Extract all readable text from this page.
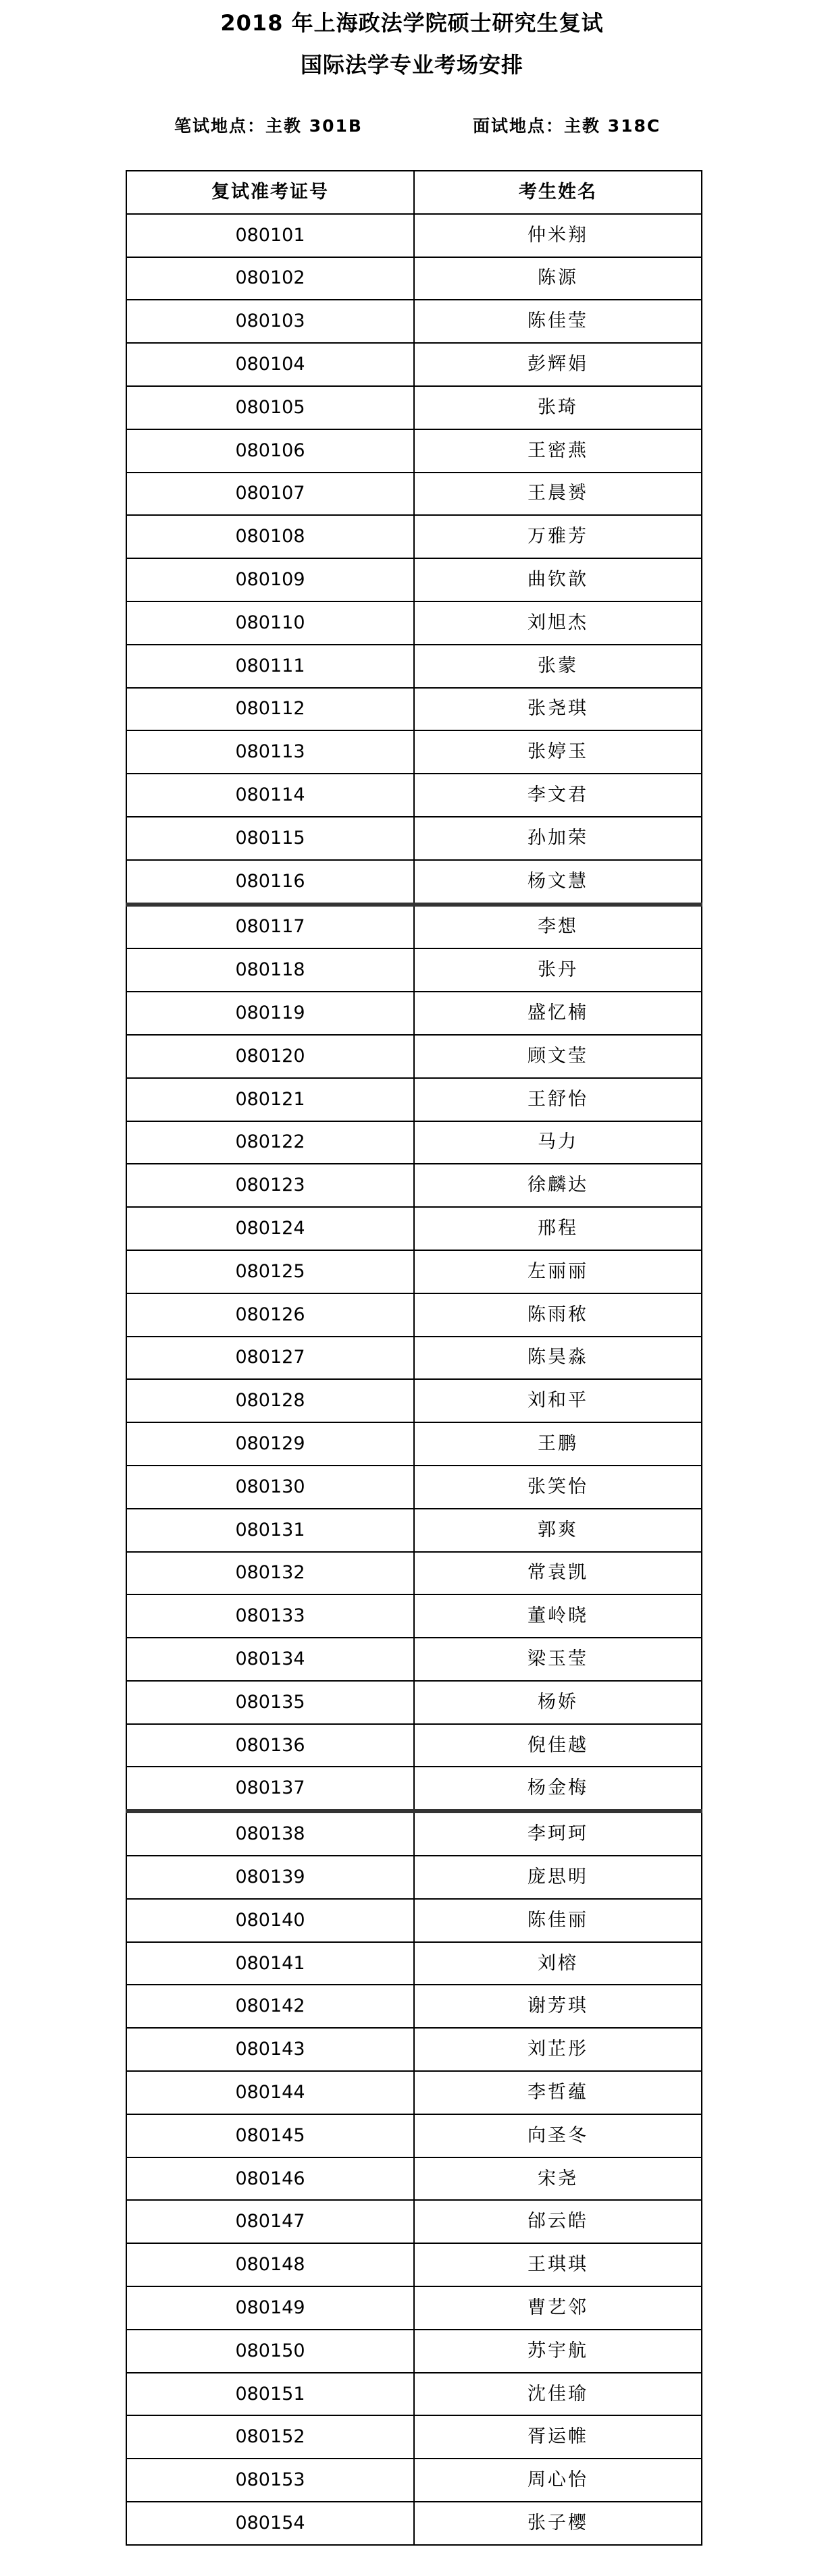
2018 年上海政法学院硕士研究生复试
国际法学专业考场安排
笔试地点：主教 301B	面试地点：主教 318C
复试准考证号	考生姓名
080101	仲米翔
080102	陈源
080103	陈佳莹
080104	彭辉娟
080105	张琦
080106	王密燕
080107	王晨赟
080108	万雅芳
080109	曲钦歆
080110	刘旭杰
080111	张蒙
080112	张尧琪
080113	张婷玉
080114	李文君
080115	孙加荣
080116	杨文慧
080117	李想
080118	张丹
080119	盛忆楠
080120	顾文莹
080121	王舒怡
080122	马力
080123	徐麟达
080124	邢程
080125	左丽丽
080126	陈雨秾
080127	陈昊淼
080128	刘和平
080129	王鹏
080130	张笑怡
080131	郭爽
080132	常袁凯
080133	董岭晓
080134	梁玉莹
080135	杨娇
080136	倪佳越
080137	杨金梅
080138	李珂珂
080139	庞思明
080140	陈佳丽
080141	刘榕
080142	谢芳琪
080143	刘芷彤
080144	李哲蕴
080145	向圣冬
080146	宋尧
080147	邰云皓
080148	王琪琪
080149	曹艺邻
080150	苏宇航
080151	沈佳瑜
080152	胥运帷
080153	周心怡
080154	张子樱
